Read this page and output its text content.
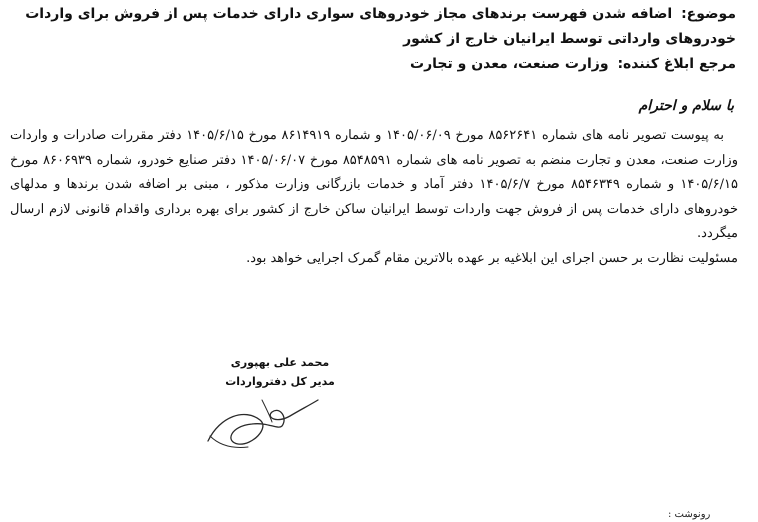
موضوع: اضافه شدن فهرست برندهای مجاز خودروهای سواری دارای خدمات پس از فروش برای واردات خودروهای وارداتی توسط ایرانیان خارج از کشور
مرجع ابلاغ کننده: وزارت صنعت، معدن و تجارت
با سلام و احترام

به پیوست تصویر نامه های شماره ۸۵۶۲۶۴۱ مورخ ۱۴۰۵/۰۶/۰۹ و شماره ۸۶۱۴۹۱۹ مورخ ۱۴۰۵/۶/۱۵ دفتر مقررات صادرات و واردات وزارت صنعت، معدن و تجارت منضم به تصویر نامه های شماره ۸۵۴۸۵۹۱ مورخ ۱۴۰۵/۰۶/۰۷ دفتر صنایع خودرو، شماره ۸۶۰۶۹۳۹ مورخ ۱۴۰۵/۶/۱۵ و شماره ۸۵۴۶۳۴۹ مورخ ۱۴۰۵/۶/۷ دفتر آماد و خدمات بازرگانی وزارت مذکور ، مبنی بر اضافه شدن برندها و مدلهای خودروهای دارای خدمات پس از فروش جهت واردات توسط ایرانیان ساکن خارج از کشور برای بهره برداری واقدام قانونی لازم ارسال میگردد.

مسئولیت نظارت بر حسن اجرای این ابلاغیه بر عهده بالاترین مقام گمرک اجرایی خواهد بود.

محمد علی بهپوری
مدیر کل دفترواردات
رونوشت :
